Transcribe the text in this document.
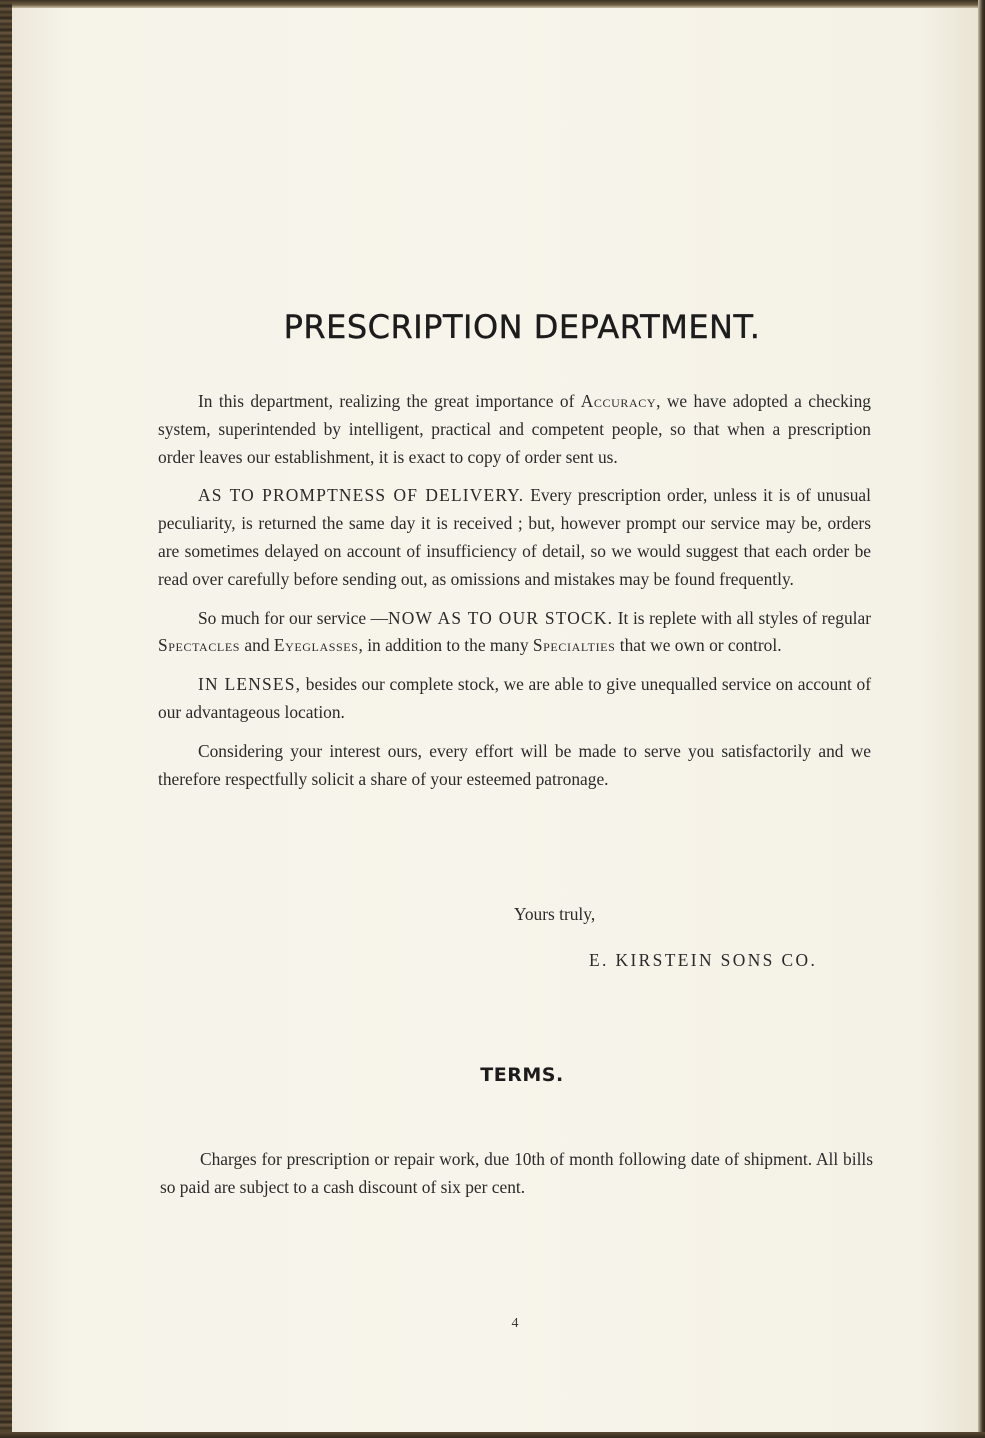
PRESCRIPTION DEPARTMENT.

In this department, realizing the great importance of Accuracy, we have adopted a checking system, superintended by intelligent, practical and competent people, so that when a prescription order leaves our establishment, it is exact to copy of order sent us.

AS TO PROMPTNESS OF DELIVERY. Every prescription order, unless it is of unusual peculiarity, is returned the same day it is received ; but, however prompt our service may be, orders are sometimes delayed on account of insufficiency of detail, so we would suggest that each order be read over carefully before sending out, as omissions and mistakes may be found frequently.

So much for our service —NOW AS TO OUR STOCK. It is replete with all styles of regular Spectacles and Eyeglasses, in addition to the many Specialties that we own or control.

IN LENSES, besides our complete stock, we are able to give unequalled service on account of our advantageous location.

Considering your interest ours, every effort will be made to serve you satisfactorily and we therefore respectfully solicit a share of your esteemed patronage.

Yours truly,
E. KIRSTEIN SONS CO.
TERMS.

Charges for prescription or repair work, due 10th of month following date of shipment. All bills so paid are subject to a cash discount of six per cent.

4
